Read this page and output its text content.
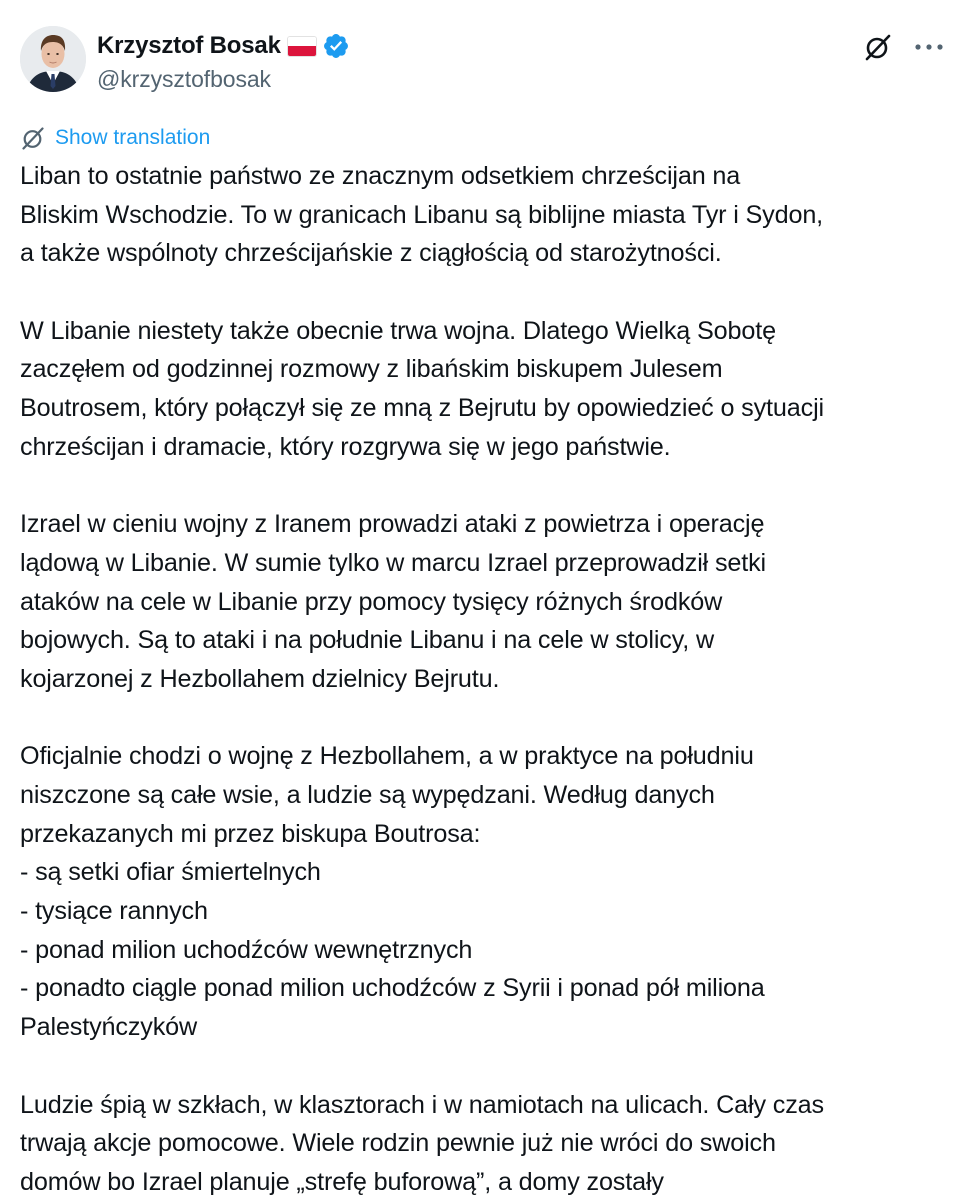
Krzysztof Bosak
@krzysztofbosak
Show translation
Liban to ostatnie państwo ze znacznym odsetkiem chrześcijan na
Bliskim Wschodzie. To w granicach Libanu są biblijne miasta Tyr i Sydon,
a także wspólnoty chrześcijańskie z ciągłością od starożytności.
W Libanie niestety także obecnie trwa wojna. Dlatego Wielką Sobotę
zaczęłem od godzinnej rozmowy z libańskim biskupem Julesem
Boutrosem, który połączył się ze mną z Bejrutu by opowiedzieć o sytuacji
chrześcijan i dramacie, który rozgrywa się w jego państwie.
Izrael w cieniu wojny z Iranem prowadzi ataki z powietrza i operację
lądową w Libanie. W sumie tylko w marcu Izrael przeprowadził setki
ataków na cele w Libanie przy pomocy tysięcy różnych środków
bojowych. Są to ataki i na południe Libanu i na cele w stolicy, w
kojarzonej z Hezbollahem dzielnicy Bejrutu.
Oficjalnie chodzi o wojnę z Hezbollahem, a w praktyce na południu
niszczone są całe wsie, a ludzie są wypędzani. Według danych
przekazanych mi przez biskupa Boutrosa:
- są setki ofiar śmiertelnych
- tysiące rannych
- ponad milion uchodźców wewnętrznych
- ponadto ciągle ponad milion uchodźców z Syrii i ponad pół miliona
Palestyńczyków
Ludzie śpią w szkłach, w klasztorach i w namiotach na ulicach. Cały czas
trwają akcje pomocowe. Wiele rodzin pewnie już nie wróci do swoich
domów bo Izrael planuje „strefę buforową”, a domy zostały
